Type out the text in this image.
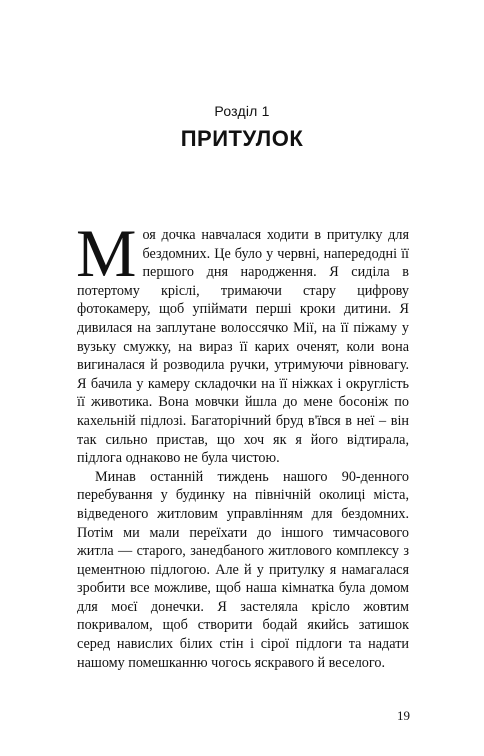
Розділ 1
ПРИТУЛОК

Моя дочка навчалася ходити в притулку для бездомних. Це було у червні, напередодні її першого дня народження. Я сиділа в потертому кріслі, тримаючи стару цифрову фотокамеру, щоб упіймати перші кроки дитини. Я дивилася на заплутане волоссячко Мії, на її піжаму у вузьку смужку, на вираз її карих оченят, коли вона вигиналася й розводила ручки, утримуючи рівновагу. Я бачила у камеру складочки на її ніжках і округлість її животика. Вона мовчки йшла до мене босоніж по кахельній підлозі. Багаторічний бруд в'ївся в неї – він так сильно пристав, що хоч як я його відтирала, підлога однаково не була чистою.

Минав останній тиждень нашого 90-денного перебування у будинку на північній околиці міста, відведеного житловим управлінням для бездомних. Потім ми мали переїхати до іншого тимчасового житла — старого, занедбаного житлового комплексу з цементною підлогою. Але й у притулку я намагалася зробити все можливе, щоб наша кімнатка була домом для моєї донечки. Я застеляла крісло жовтим покривалом, щоб створити бодай якийсь затишок серед навислих білих стін і сірої підлоги та надати нашому помешканню чогось яскравого й веселого.

19
